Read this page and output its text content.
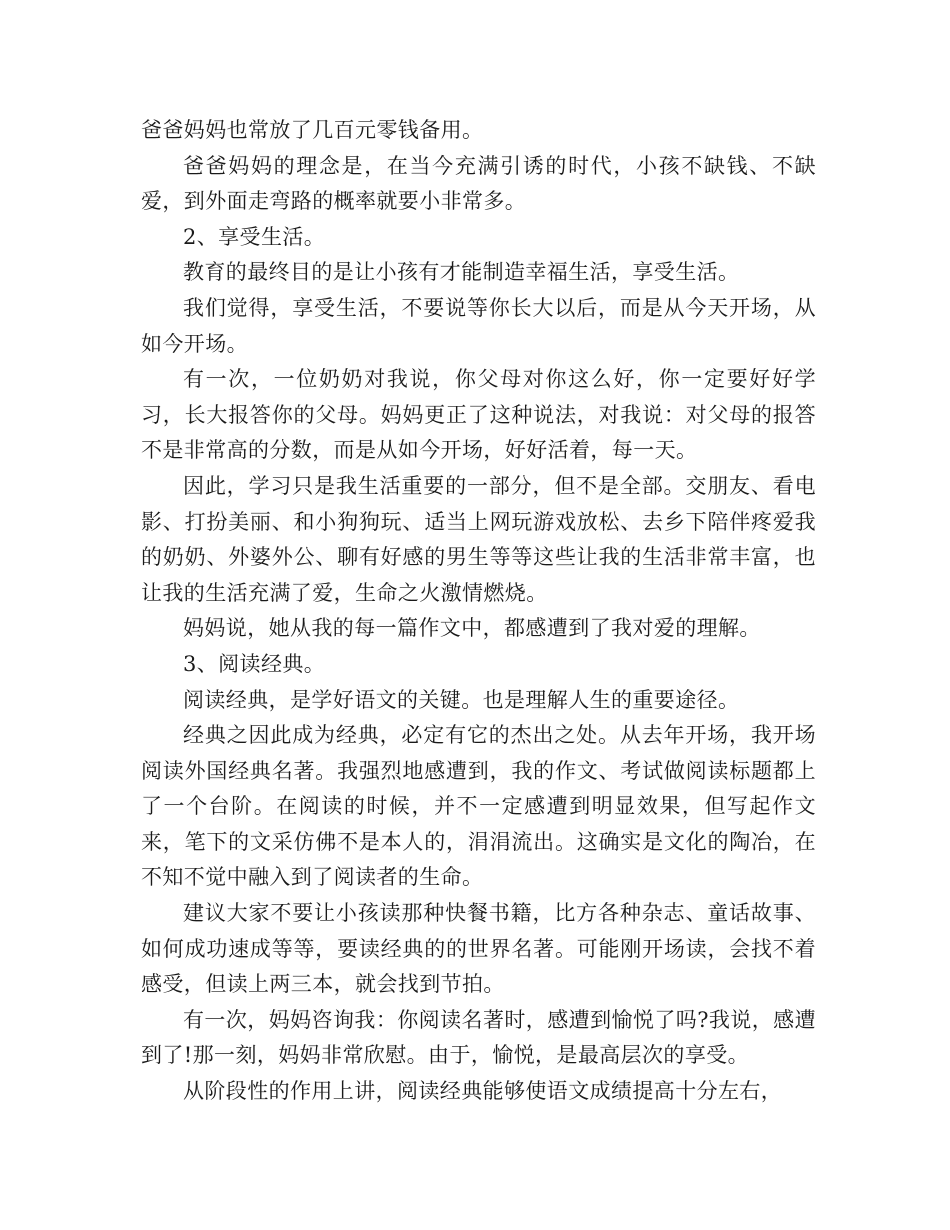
爸爸妈妈也常放了几百元零钱备用。

爸爸妈妈的理念是，在当今充满引诱的时代，小孩不缺钱、不缺爱，到外面走弯路的概率就要小非常多。

2、享受生活。

教育的最终目的是让小孩有才能制造幸福生活，享受生活。

我们觉得，享受生活，不要说等你长大以后，而是从今天开场，从如今开场。

有一次，一位奶奶对我说，你父母对你这么好，你一定要好好学习，长大报答你的父母。妈妈更正了这种说法，对我说：对父母的报答不是非常高的分数，而是从如今开场，好好活着，每一天。

因此，学习只是我生活重要的一部分，但不是全部。交朋友、看电影、打扮美丽、和小狗狗玩、适当上网玩游戏放松、去乡下陪伴疼爱我的奶奶、外婆外公、聊有好感的男生等等这些让我的生活非常丰富，也让我的生活充满了爱，生命之火激情燃烧。

妈妈说，她从我的每一篇作文中，都感遭到了我对爱的理解。

3、阅读经典。

阅读经典，是学好语文的关键。也是理解人生的重要途径。

经典之因此成为经典，必定有它的杰出之处。从去年开场，我开场阅读外国经典名著。我强烈地感遭到，我的作文、考试做阅读标题都上了一个台阶。在阅读的时候，并不一定感遭到明显效果，但写起作文来，笔下的文采仿佛不是本人的，涓涓流出。这确实是文化的陶冶，在不知不觉中融入到了阅读者的生命。

建议大家不要让小孩读那种快餐书籍，比方各种杂志、童话故事、如何成功速成等等，要读经典的的世界名著。可能刚开场读，会找不着感受，但读上两三本，就会找到节拍。

有一次，妈妈咨询我：你阅读名著时，感遭到愉悦了吗?我说，感遭到了!那一刻，妈妈非常欣慰。由于，愉悦，是最高层次的享受。

从阶段性的作用上讲，阅读经典能够使语文成绩提高十分左右，
